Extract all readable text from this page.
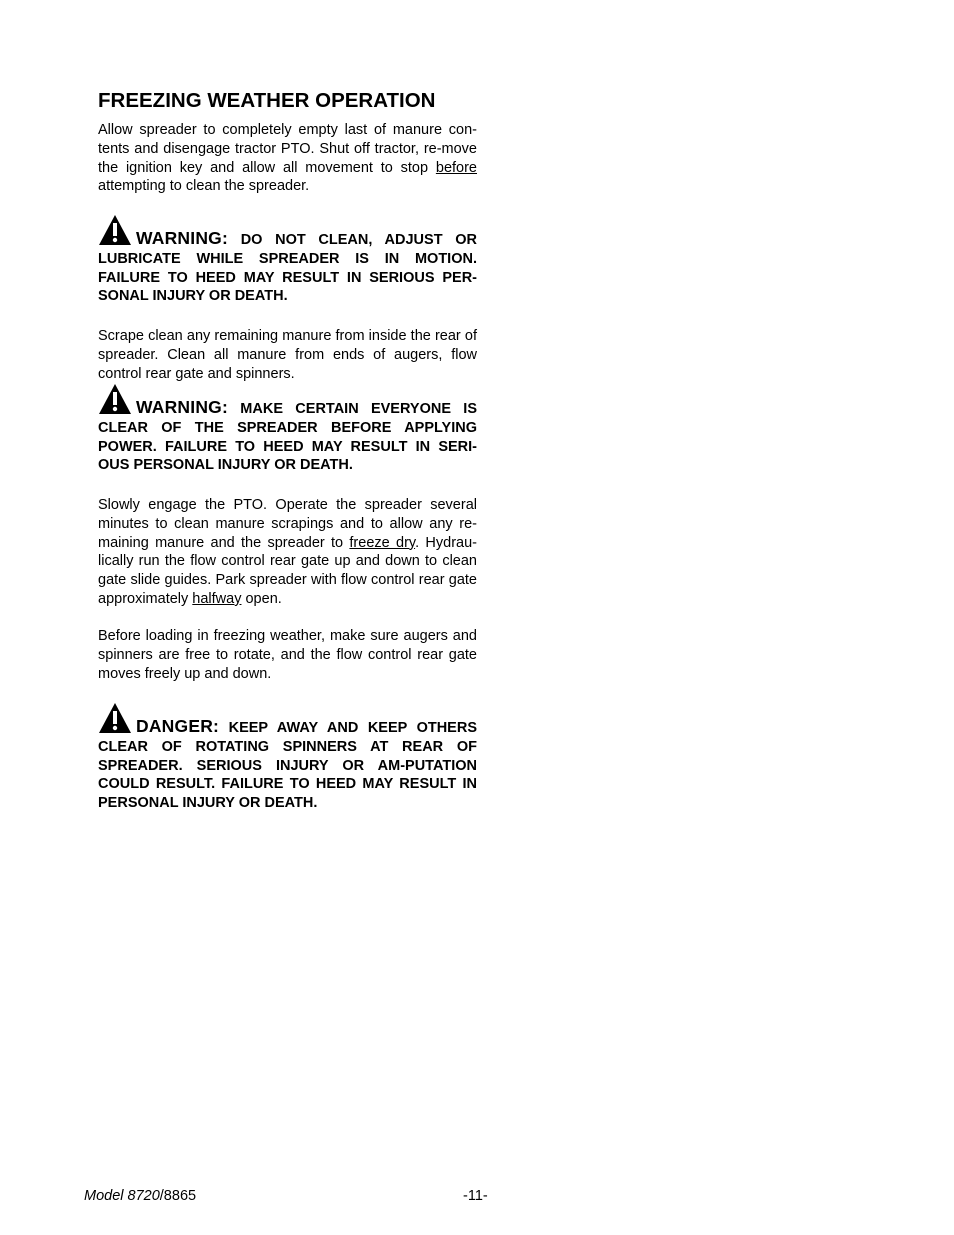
FREEZING WEATHER OPERATION

Allow spreader to completely empty last of manure con-tents and disengage tractor PTO. Shut off tractor, re-move the ignition key and allow all movement to stop before attempting to clean the spreader.

WARNING: DO NOT CLEAN, ADJUST OR LUBRICATE WHILE SPREADER IS IN MOTION. FAILURE TO HEED MAY RESULT IN SERIOUS PER-SONAL INJURY OR DEATH.

Scrape clean any remaining manure from inside the rear of spreader. Clean all manure from ends of augers, flow control rear gate and spinners.

WARNING: MAKE CERTAIN EVERYONE IS CLEAR OF THE SPREADER BEFORE APPLYING POWER. FAILURE TO HEED MAY RESULT IN SERI-OUS PERSONAL INJURY OR DEATH.

Slowly engage the PTO. Operate the spreader several minutes to clean manure scrapings and to allow any re-maining manure and the spreader to freeze dry. Hydrau-lically run the flow control rear gate up and down to clean gate slide guides. Park spreader with flow control rear gate approximately halfway open.

Before loading in freezing weather, make sure augers and spinners are free to rotate, and the flow control rear gate moves freely up and down.

DANGER: KEEP AWAY AND KEEP OTHERS CLEAR OF ROTATING SPINNERS AT REAR OF SPREADER. SERIOUS INJURY OR AM-PUTATION COULD RESULT. FAILURE TO HEED MAY RESULT IN PERSONAL INJURY OR DEATH.

Model 8720/8865	-11-
